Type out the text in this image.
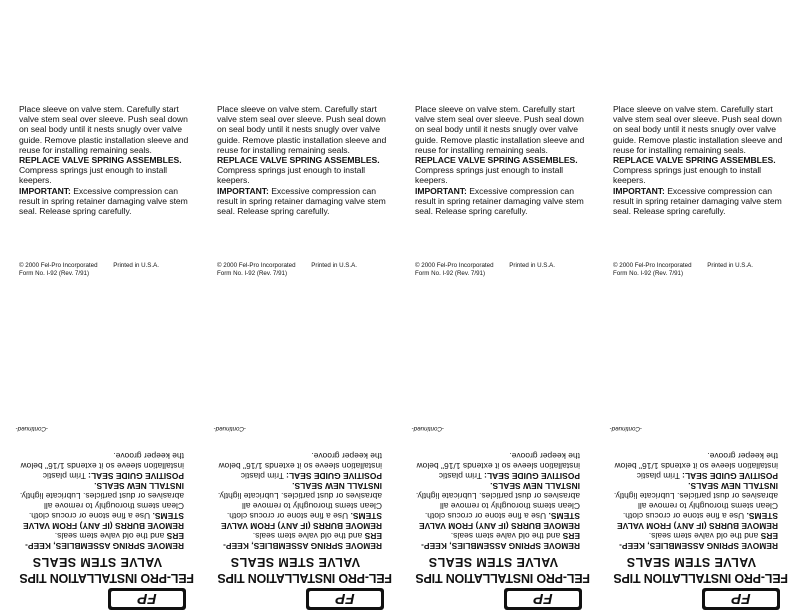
Place sleeve on valve stem. Carefully start valve stem seal over sleeve. Push seal down on seal body until it nests snugly over valve guide. Remove plastic installation sleeve and reuse for installing remaining seals.

REPLACE VALVE SPRING ASSEMBLES.
Compress springs just enough to install keepers.

IMPORTANT: Excessive compression can result in spring retainer damaging valve stem seal. Release spring carefully.

© 2000 Fel-Pro Incorporated	Printed in U.S.A.
Form No. I-92 (Rev. 7/91)
FP
FEL-PRO INSTALLATION TIPS
VALVE STEM SEALS

REMOVE SPRING ASSEMBLIES, KEEP-ERS and the old valve stem seals.

REMOVE BURRS (IF ANY) FROM VALVE STEMS. Use a fine stone or crocus cloth. Clean stems thoroughly to remove all abrasives or dust particles. Lubricate lightly.

INSTALL NEW SEALS.

POSITIVE GUIDE SEAL: Trim plastic installation sleeve so it extends 1/16" below the keeper groove.

-Continued-

Place sleeve on valve stem. Carefully start valve stem seal over sleeve. Push seal down on seal body until it nests snugly over valve guide. Remove plastic installation sleeve and reuse for installing remaining seals.

REPLACE VALVE SPRING ASSEMBLES.
Compress springs just enough to install keepers.

IMPORTANT: Excessive compression can result in spring retainer damaging valve stem seal. Release spring carefully.

© 2000 Fel-Pro Incorporated	Printed in U.S.A.
Form No. I-92 (Rev. 7/91)
FP
FEL-PRO INSTALLATION TIPS
VALVE STEM SEALS

REMOVE SPRING ASSEMBLIES, KEEP-ERS and the old valve stem seals.

REMOVE BURRS (IF ANY) FROM VALVE STEMS. Use a fine stone or crocus cloth. Clean stems thoroughly to remove all abrasives or dust particles. Lubricate lightly.

INSTALL NEW SEALS.

POSITIVE GUIDE SEAL: Trim plastic installation sleeve so it extends 1/16" below the keeper groove.

-Continued-

Place sleeve on valve stem. Carefully start valve stem seal over sleeve. Push seal down on seal body until it nests snugly over valve guide. Remove plastic installation sleeve and reuse for installing remaining seals.

REPLACE VALVE SPRING ASSEMBLES.
Compress springs just enough to install keepers.

IMPORTANT: Excessive compression can result in spring retainer damaging valve stem seal. Release spring carefully.

© 2000 Fel-Pro Incorporated	Printed in U.S.A.
Form No. I-92 (Rev. 7/91)
FP
FEL-PRO INSTALLATION TIPS
VALVE STEM SEALS

REMOVE SPRING ASSEMBLIES, KEEP-ERS and the old valve stem seals.

REMOVE BURRS (IF ANY) FROM VALVE STEMS. Use a fine stone or crocus cloth. Clean stems thoroughly to remove all abrasives or dust particles. Lubricate lightly.

INSTALL NEW SEALS.

POSITIVE GUIDE SEAL: Trim plastic installation sleeve so it extends 1/16" below the keeper groove.

-Continued-

Place sleeve on valve stem. Carefully start valve stem seal over sleeve. Push seal down on seal body until it nests snugly over valve guide. Remove plastic installation sleeve and reuse for installing remaining seals.

REPLACE VALVE SPRING ASSEMBLES.
Compress springs just enough to install keepers.

IMPORTANT: Excessive compression can result in spring retainer damaging valve stem seal. Release spring carefully.

© 2000 Fel-Pro Incorporated	Printed in U.S.A.
Form No. I-92 (Rev. 7/91)
FP
FEL-PRO INSTALLATION TIPS
VALVE STEM SEALS

REMOVE SPRING ASSEMBLIES, KEEP-ERS and the old valve stem seals.

REMOVE BURRS (IF ANY) FROM VALVE STEMS. Use a fine stone or crocus cloth. Clean stems thoroughly to remove all abrasives or dust particles. Lubricate lightly.

INSTALL NEW SEALS.

POSITIVE GUIDE SEAL: Trim plastic installation sleeve so it extends 1/16" below the keeper groove.

-Continued-
